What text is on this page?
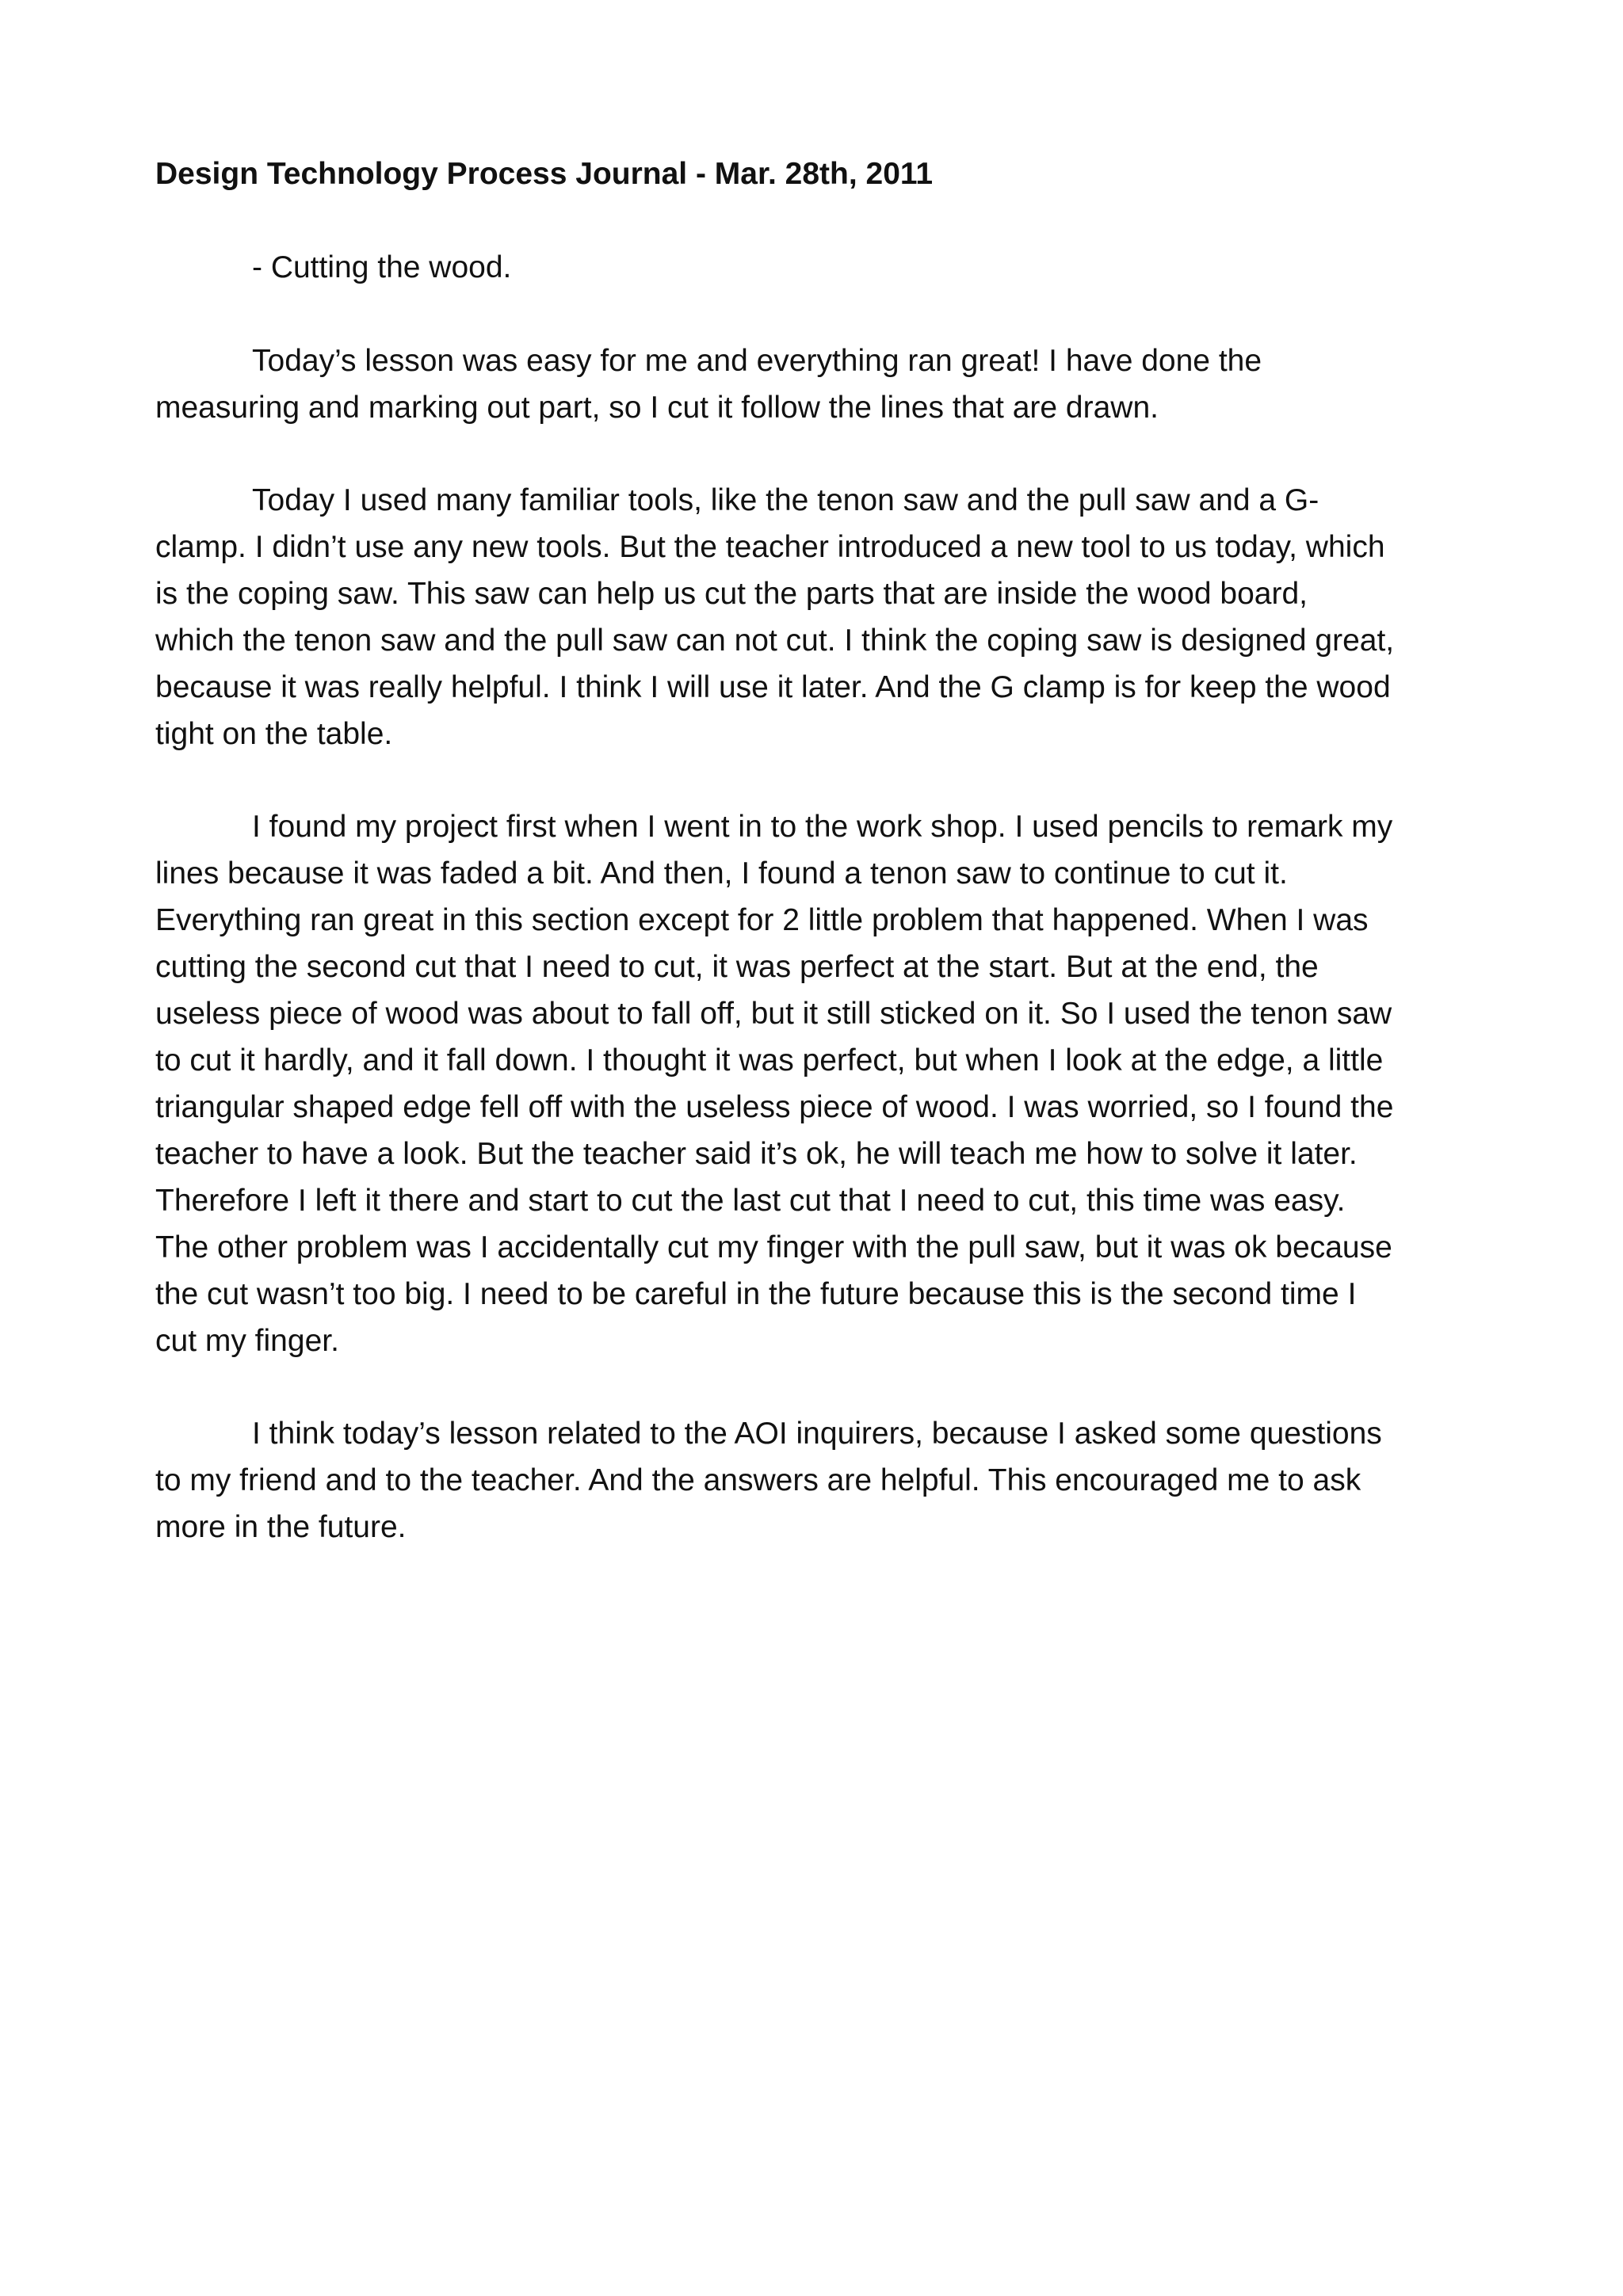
Design Technology Process Journal - Mar. 28th, 2011
- Cutting the wood.
Today’s lesson was easy for me and everything ran great! I have done the
measuring and marking out part, so I cut it follow the lines that are drawn.
Today I used many familiar tools, like the tenon saw and the pull saw and a G-
clamp. I didn’t use any new tools. But the teacher introduced a new tool to us today, which
is the coping saw. This saw can help us cut the parts that are inside the wood board,
which the tenon saw and the pull saw can not cut. I think the coping saw is designed great,
because it was really helpful. I think I will use it later. And the G clamp is for keep the wood
tight on the table.
I found my project first when I went in to the work shop. I used pencils to remark my
lines because it was faded a bit. And then, I found a tenon saw to continue to cut it.
Everything ran great in this section except for 2 little problem that happened. When I was
cutting the second cut that I need to cut, it was perfect at the start. But at the end, the
useless piece of wood was about to fall off, but it still sticked on it. So I used the tenon saw
to cut it hardly, and it fall down. I thought it was perfect, but when I look at the edge, a little
triangular shaped edge fell off with the useless piece of wood. I was worried, so I found the
teacher to have a look. But the teacher said it’s ok, he will teach me how to solve it later.
Therefore I left it there and start to cut the last cut that I need to cut, this time was easy.
The other problem was I accidentally cut my finger with the pull saw, but it was ok because
the cut wasn’t too big. I need to be careful in the future because this is the second time I
cut my finger.
I think today’s lesson related to the AOI inquirers, because I asked some questions
to my friend and to the teacher. And the answers are helpful. This encouraged me to ask
more in the future.
